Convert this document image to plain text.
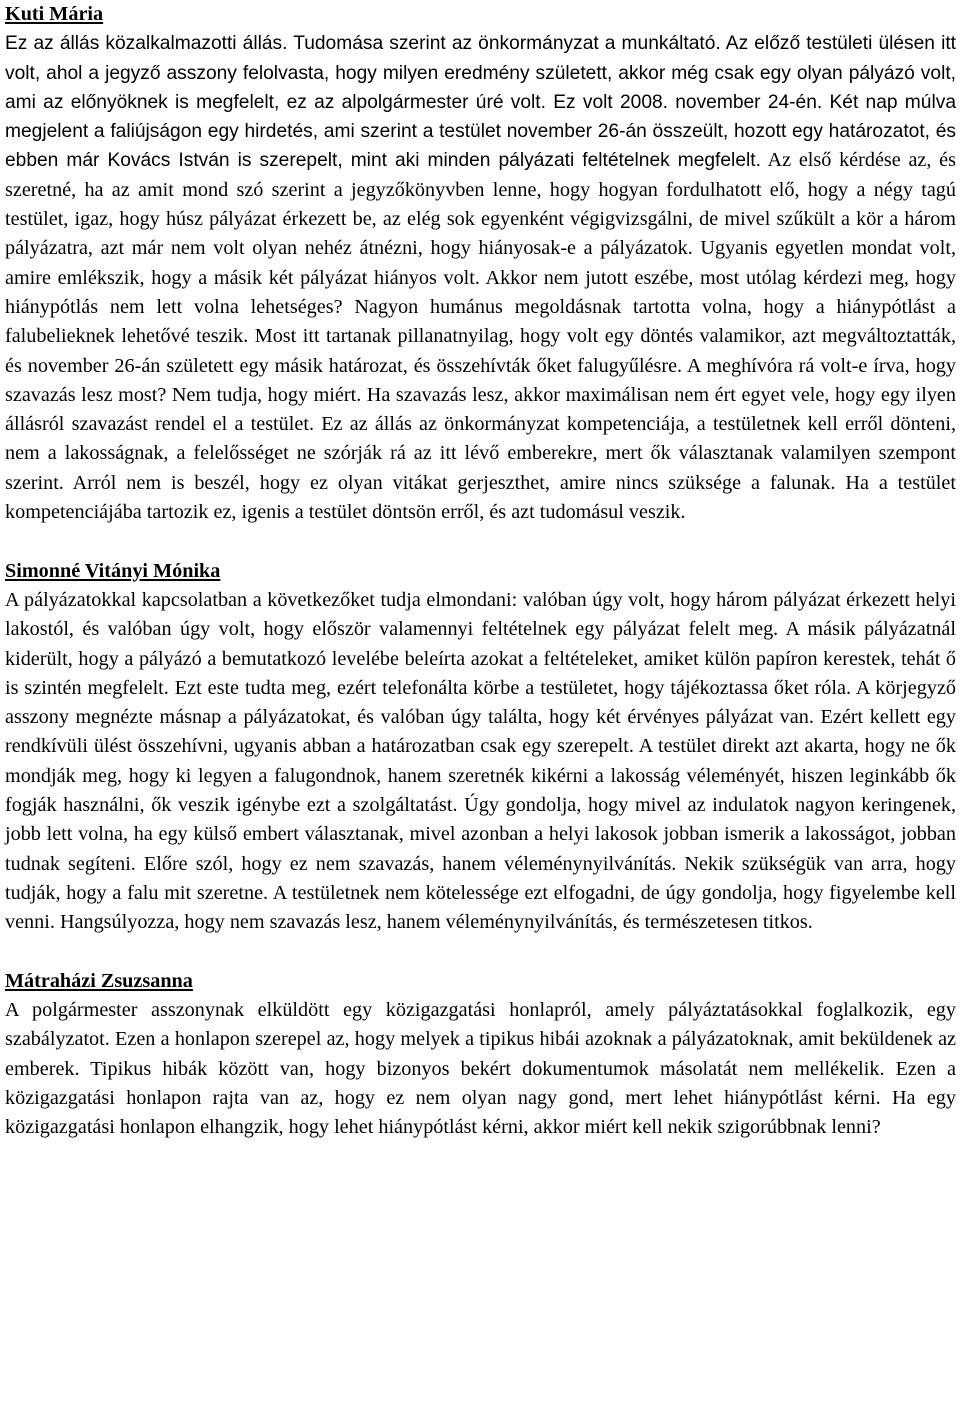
Kuti Mária

Ez az állás közalkalmazotti állás. Tudomása szerint az önkormányzat a munkáltató. Az előző testületi ülésen itt volt, ahol a jegyző asszony felolvasta, hogy milyen eredmény született, akkor még csak egy olyan pályázó volt, ami az előnyöknek is megfelelt, ez az alpolgármester úré volt. Ez volt 2008. november 24-én. Két nap múlva megjelent a faliújságon egy hirdetés, ami szerint a testület november 26-án összeült, hozott egy határozatot, és ebben már Kovács István is szerepelt, mint aki minden pályázati feltételnek megfelelt. Az első kérdése az, és szeretné, ha az amit mond szó szerint a jegyzőkönyvben lenne, hogy hogyan fordulhatott elő, hogy a négy tagú testület, igaz, hogy húsz pályázat érkezett be, az elég sok egyenként végigvizsgálni, de mivel szűkült a kör a három pályázatra, azt már nem volt olyan nehéz átnézni, hogy hiányosak-e a pályázatok. Ugyanis egyetlen mondat volt, amire emlékszik, hogy a másik két pályázat hiányos volt. Akkor nem jutott eszébe, most utólag kérdezi meg, hogy hiánypótlás nem lett volna lehetséges? Nagyon humánus megoldásnak tartotta volna, hogy a hiánypótlást a falubelieknek lehetővé teszik. Most itt tartanak pillanatnyilag, hogy volt egy döntés valamikor, azt megváltoztatták, és november 26-án született egy másik határozat, és összehívták őket falugyűlésre. A meghívóra rá volt-e írva, hogy szavazás lesz most? Nem tudja, hogy miért. Ha szavazás lesz, akkor maximálisan nem ért egyet vele, hogy egy ilyen állásról szavazást rendel el a testület. Ez az állás az önkormányzat kompetenciája, a testületnek kell erről dönteni, nem a lakosságnak, a felelősséget ne szórják rá az itt lévő emberekre, mert ők választanak valamilyen szempont szerint. Arról nem is beszél, hogy ez olyan vitákat gerjeszthet, amire nincs szüksége a falunak. Ha a testület kompetenciájába tartozik ez, igenis a testület döntsön erről, és azt tudomásul veszik.

Simonné Vitányi Mónika

A pályázatokkal kapcsolatban a következőket tudja elmondani: valóban úgy volt, hogy három pályázat érkezett helyi lakostól, és valóban úgy volt, hogy először valamennyi feltételnek egy pályázat felelt meg. A másik pályázatnál kiderült, hogy a pályázó a bemutatkozó levelébe beleírta azokat a feltételeket, amiket külön papíron kerestek, tehát ő is szintén megfelelt. Ezt este tudta meg, ezért telefonálta körbe a testületet, hogy tájékoztassa őket róla. A körjegyző asszony megnézte másnap a pályázatokat, és valóban úgy találta, hogy két érvényes pályázat van. Ezért kellett egy rendkívüli ülést összehívni, ugyanis abban a határozatban csak egy szerepelt. A testület direkt azt akarta, hogy ne ők mondják meg, hogy ki legyen a falugondnok, hanem szeretnék kikérni a lakosság véleményét, hiszen leginkább ők fogják használni, ők veszik igénybe ezt a szolgáltatást. Úgy gondolja, hogy mivel az indulatok nagyon keringenek, jobb lett volna, ha egy külső embert választanak, mivel azonban a helyi lakosok jobban ismerik a lakosságot, jobban tudnak segíteni. Előre szól, hogy ez nem szavazás, hanem véleménynyilvánítás. Nekik szükségük van arra, hogy tudják, hogy a falu mit szeretne. A testületnek nem kötelessége ezt elfogadni, de úgy gondolja, hogy figyelembe kell venni. Hangsúlyozza, hogy nem szavazás lesz, hanem véleménynyilvánítás, és természetesen titkos.

Mátraházi Zsuzsanna

A polgármester asszonynak elküldött egy közigazgatási honlapról, amely pályáztatásokkal foglalkozik, egy szabályzatot. Ezen a honlapon szerepel az, hogy melyek a tipikus hibái azoknak a pályázatoknak, amit beküldenek az emberek. Tipikus hibák között van, hogy bizonyos bekért dokumentumok másolatát nem mellékelik. Ezen a közigazgatási honlapon rajta van az, hogy ez nem olyan nagy gond, mert lehet hiánypótlást kérni. Ha egy közigazgatási honlapon elhangzik, hogy lehet hiánypótlást kérni, akkor miért kell nekik szigorúbbnak lenni?
